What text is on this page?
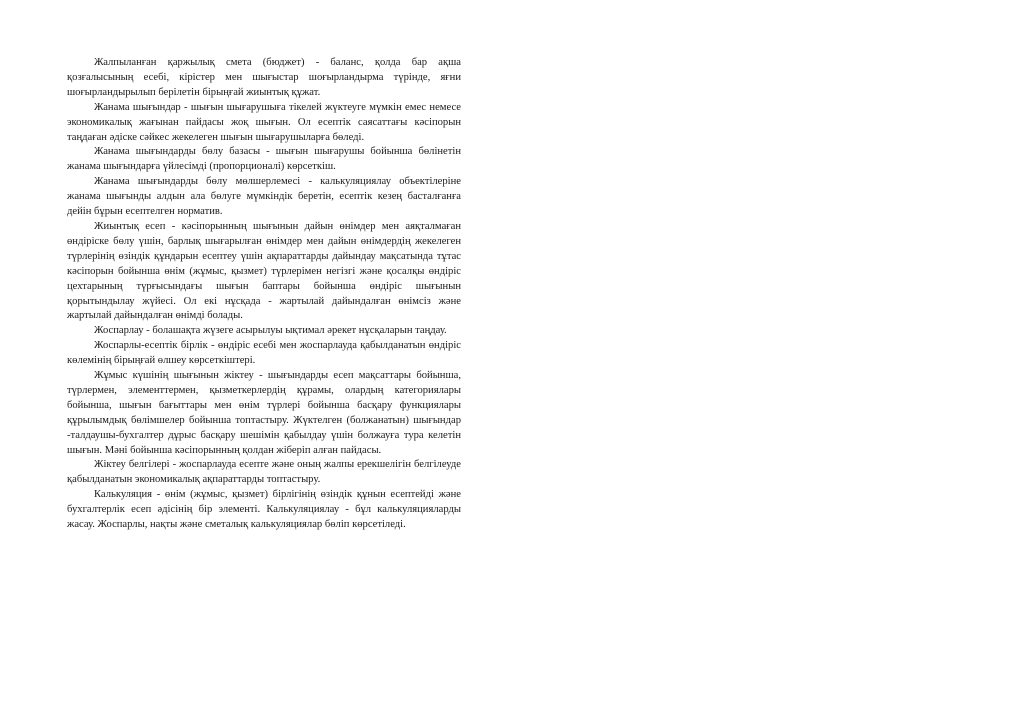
Жалпыланған қаржылық смета (бюджет) - баланс, қолда бар ақша қозғалысының есебі, кірістер мен шығыстар шоғырландырма түрінде, яғни шоғырландырылып берілетін бірыңғай жиынтық құжат.

Жанама шығындар - шығын шығарушыға тікелей жүктеуге мүмкін емес немесе экономикалық жағынан пайдасы жоқ шығын. Ол есептік саясаттағы кәсіпорын таңдаған әдіске сәйкес жекелеген шығын шығарушыларға бөледі.

Жанама шығындарды бөлу базасы - шығын шығарушы бойынша бөлінетін жанама шығындарға үйлесімді (пропорционалі) көрсеткіш.

Жанама шығындарды бөлу мөлшерлемесі - калькуляциялау объектілеріне жанама шығынды алдын ала бөлуге мүмкіндік беретін, есептік кезең басталғанға дейін бұрын есептелген норматив.

Жиынтық есеп - кәсіпорынның шығынын дайын өнімдер мен аяқталмаған өндіріске бөлу үшін, барлық шығарылған өнімдер мен дайын өнімдердің жекелеген түрлерінің өзіндік құндарын есептеу үшін ақпараттарды дайындау мақсатында тұтас кәсіпорын бойынша өнім (жұмыс, қызмет) түрлерімен негізгі және қосалқы өндіріс цехтарының түрғысындағы шығын баптары бойынша өндіріс шығынын қорытындылау жүйесі. Ол екі нұсқада - жартылай дайындалған өнімсіз және жартылай дайындалған өнімді болады.

Жоспарлау - болашақта жүзеге асырылуы ықтимал әрекет нұсқаларын таңдау.

Жоспарлы-есептік бірлік - өндіріс есебі мен жоспарлауда қабылданатын өндіріс көлемінің бірыңғай өлшеу көрсеткіштері.

Жұмыс күшінің шығынын жіктеу - шығындарды есеп мақсаттары бойынша, түрлермен, элементтермен, қызметкерлердің құрамы, олардың категориялары бойынша, шығын бағыттары мен өнім түрлері бойынша басқару функциялары құрылымдық бөлімшелер бойынша топтастыру. Жүктелген (болжанатын) шығындар -талдаушы-бухгалтер дұрыс басқару шешімін қабылдау үшін болжауға тура келетін шығын. Мәні бойынша кәсіпорынның қолдан жіберіп алған пайдасы.

Жіктеу белгілері - жоспарлауда есепте және оның жалпы ерекшелігін белгілеуде қабылданатын экономикалық ақпараттарды топтастыру.

Калькуляция - өнім (жұмыс, қызмет) бірлігінің өзіндік құнын есептейді және бухгалтерлік есеп әдісінің бір элементі. Калькуляциялау - бұл калькуляцияларды жасау. Жоспарлы, нақты және сметалық калькуляциялар бөліп көрсетіледі.
